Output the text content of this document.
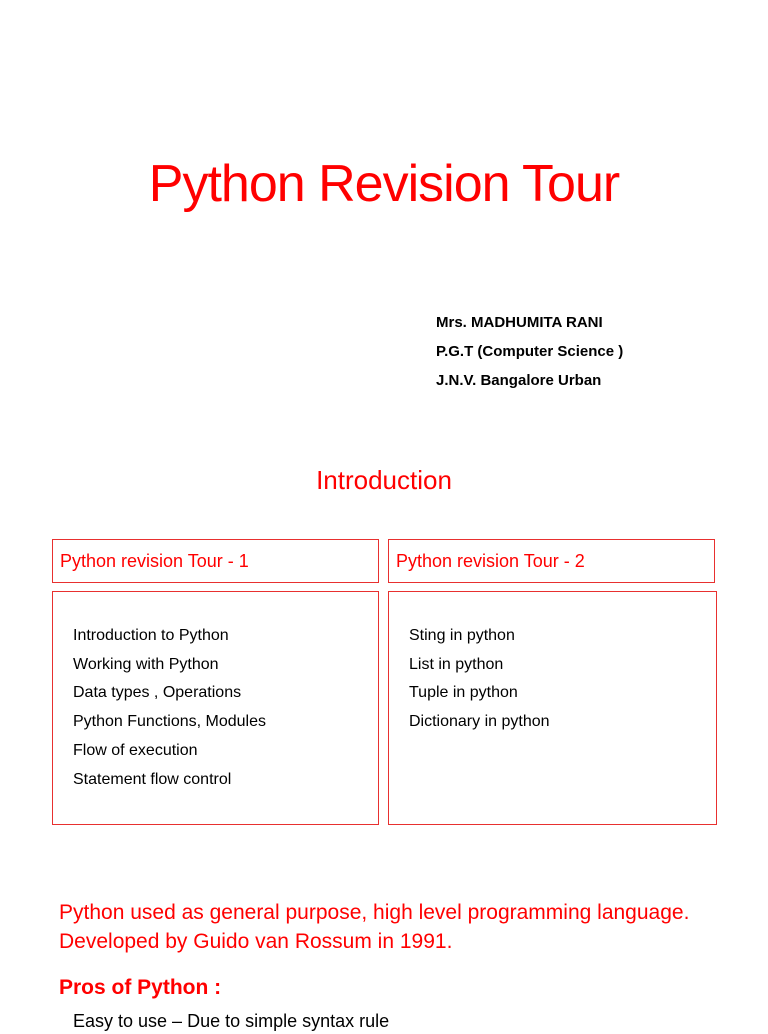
Python Revision Tour
Mrs. MADHUMITA RANI
P.G.T (Computer Science )
J.N.V. Bangalore Urban
Introduction
Python revision Tour - 1	Python revision Tour - 2
Introduction to Python
Working with Python
Data types , Operations
Python Functions, Modules
Flow of execution
Statement flow control
Sting in python
List in python
Tuple in python
Dictionary in python
Python used as general purpose, high level programming language. Developed by Guido van Rossum in 1991.
Pros of Python :
Easy to use – Due to simple syntax rule
